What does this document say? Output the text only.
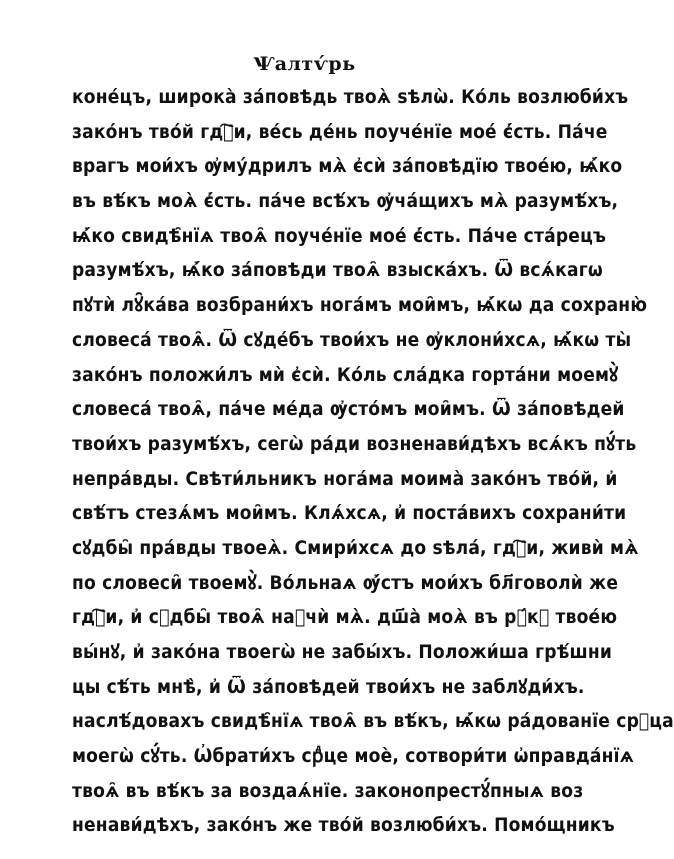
Ѱалтѵ́рь
конéцъ, широка̀ зáповѣдь твоѧ̀ ѕѣлѡ̀. Кóль возлюби́хъ
закóнъ твóй гдⷭ҇и, вéсь дéнь поучéнїе моé є҆́сть. Пáче
врагъ мои́хъ ѹ҆мýдрилъ мѧ̀ є҆сѝ зáповѣдїю твоéю, ѩ҆́ко
въ вѣ́къ моѧ̀ є҆́сть. пáче всѣ́хъ ѹ҆чáщихъ мѧ̀ разумѣ́хъ,
ѩ҆́ко свидѣ̑нїѧ твоѧ̑ поучéнїе моé є҆́сть. Пáче стáрецъ
разумѣ́хъ, ѩ҆́ко зáповѣди твоѧ̑ взыскáхъ. Ѿ всѧ́кагѡ
пꙋтѝ лꙋ̑кáва возбрани́хъ ногáмъ мои̑мъ, ѩ҆́кѡ да сохраню̀
словесá твоѧ̑. Ѿ сꙋдéбъ твои́хъ не ѹ҆клони́хсѧ, ѩ҆́кѡ ты̀
закóнъ положи́лъ мѝ є҆сѝ. Кóль слáдка гортáни моемꙋ̀
словесá твоѧ̑, пáче мéда ѹ҆стóмъ мои̑мъ. Ѿ зáповѣдей
твои́хъ разумѣ́хъ, сегѡ̀ рáди возненави́дѣхъ всѧ́къ пꙋ́ть
непрáвды. Свѣти́льникъ ногáма моима̀ закóнъ твóй, и҆
свѣ́тъ стезѧ́мъ мои̑мъ. Клѧ́хсѧ, и҆ постáвихъ сохрани́ти
сꙋдбы̑ прáвды твоеѧ̀. Смири́хсѧ до ѕѣлá, гдⷭ҇и, живѝ мѧ̀
по словеси̑ твоемꙋ̀. Вóльнаѧ ѹ҆́стъ мои́хъ бл҃говолѝ же
гдⷭ҇и, и҆ сꙋдбы̑ твоѧ̑ наꙋчѝ мѧ̀. дш҃а̀ моѧ̀ въ рꙋ́кꙋ твоéю
вы́нꙋ, и҆ закóна твоегѡ̀ не забы́хъ. Положи́ша грѣ́шни
цы сѣ́ть мнѣ̀, и҆ Ѿ зáповѣдей твои́хъ не заблꙋди́хъ.
наслѣ́довахъ свидѣ̑нїѧ твоѧ̑ въ вѣ́къ, ѩ҆́кѡ рáдованїе срⷣца
моегѡ̀ сꙋ́ть. Ѡ҆брати́хъ срⷣце моѐ, сотвори́ти ѡ҆правдáнїѧ
твоѧ̑ въ вѣ́къ за воздаѧ́нїе. законопрестꙋ́пныѧ воз
ненави́дѣхъ, закóнъ же твóй возлюби́хъ. Помóщникъ
